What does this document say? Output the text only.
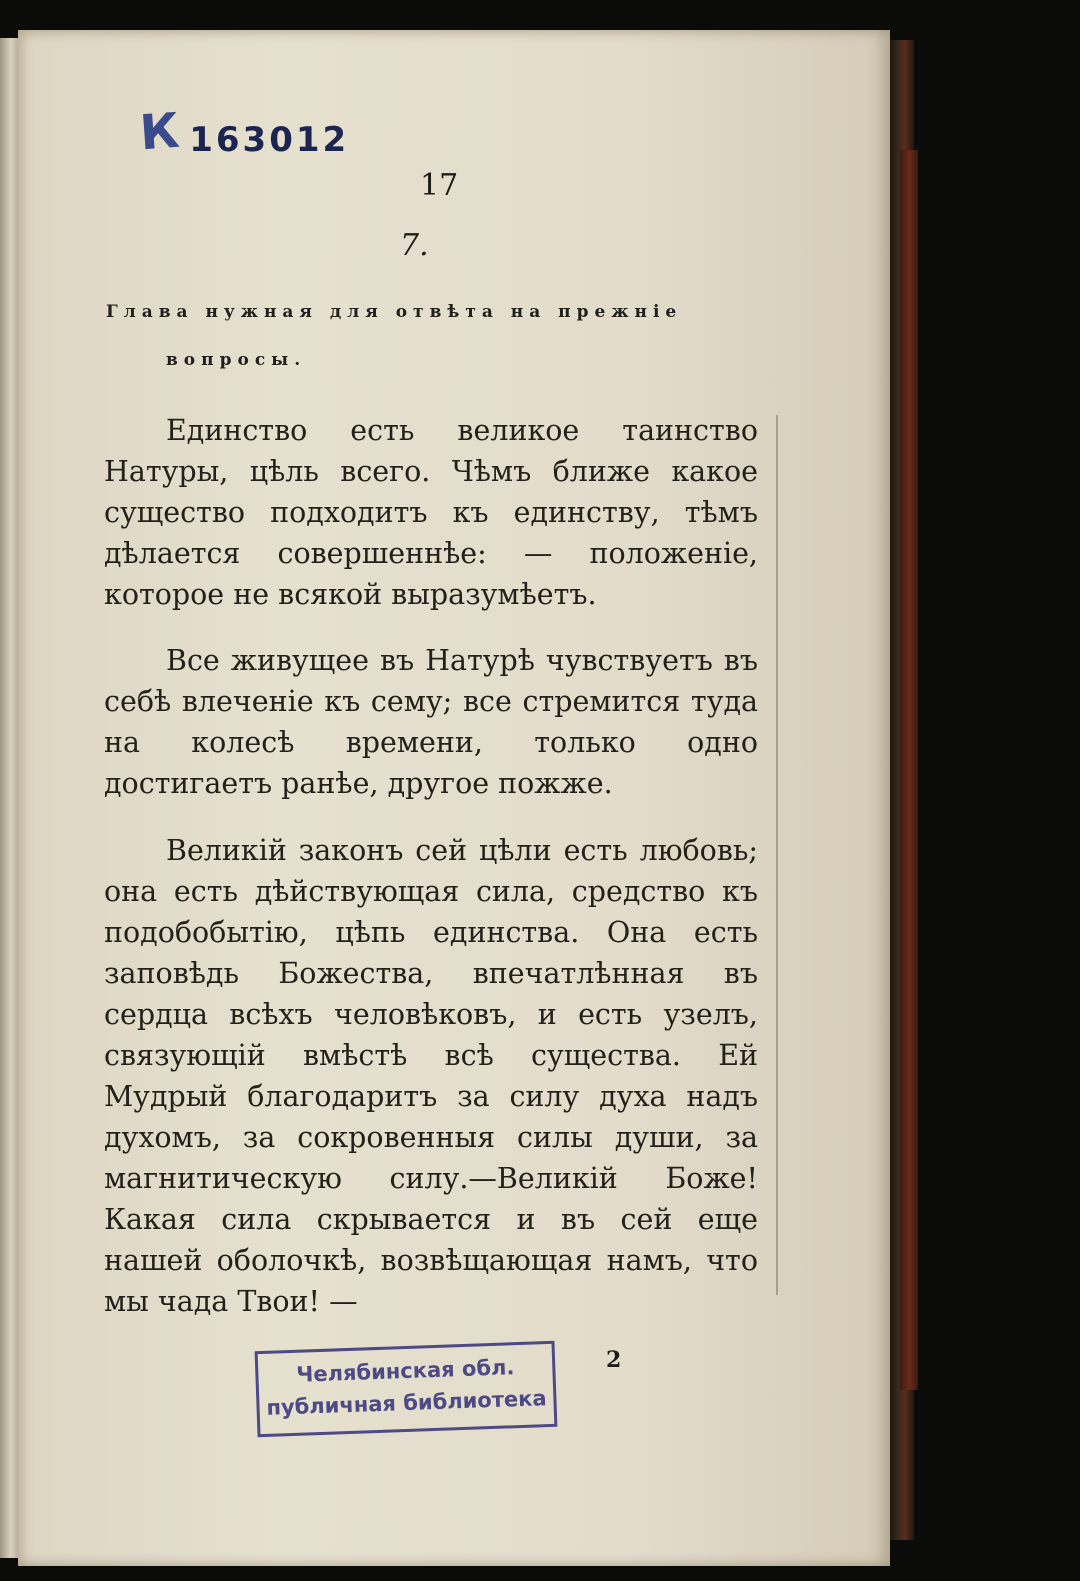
К 163012
17
7.
Глава нужная для отвѣта на прежніе
вопросы.

Единство есть великое таинство Натуры, цѣль всего. Чѣмъ ближе какое существо подходитъ къ единству, тѣмъ дѣлается совершеннѣе: — положеніе, которое не всякой выразумѣетъ.

Все живущее въ Натурѣ чувствуетъ въ себѣ влеченіе къ сему; все стремится туда на колесѣ времени, только одно достигаетъ ранѣе, другое пожже.

Великій законъ сей цѣли есть любовь; она есть дѣйствующая сила, средство къ подобобытію, цѣпь единства. Она есть заповѣдь Божества, впечатлѣнная въ сердца всѣхъ человѣковъ, и есть узелъ, связующій вмѣстѣ всѣ существа. Ей Мудрый благодаритъ за силу духа надъ духомъ, за сокровенныя силы души, за магнитическую силу.—Великій Боже! Какая сила скрывается и въ сей еще нашей оболочкѣ, возвѣщающая намъ, что мы чада Твои! —

2
Челябинская обл.
публичная библиотека
